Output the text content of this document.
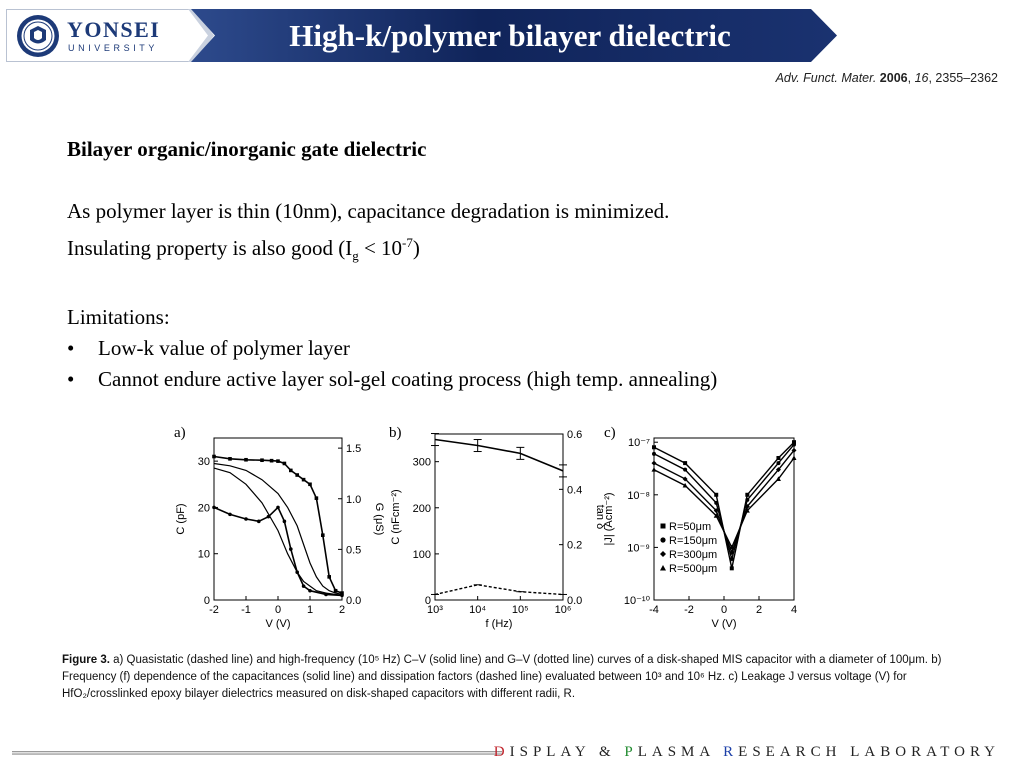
YONSEI
UNIVERSITY	High-k/polymer bilayer dielectric
Adv. Funct. Mater. 2006, 16, 2355–2362

Bilayer organic/inorganic gate dielectric

As polymer layer is thin (10nm), capacitance degradation is minimized.

Insulating property is also good $(I_g < 10^{-7})$

Limitations:

• Low-k value of polymer layer
• Cannot endure active layer sol-gel coating process (high temp. annealing)
a)
-2 -1 0 1 2
0
10
20
30
0.0
0.5
1.0
1.5
G (μS)
V (V)
C (pF)
b)
10³ 10⁴ 10⁵ 10⁶
0
100
200
300
0.0
0.2
0.4
0.6
tan δ
f (Hz)
C (nFcm⁻²)
c)
-4 -2 0	2	4
10⁻¹⁰
10⁻⁹
10⁻⁸
10⁻⁷
V (V)
|J| (Acm⁻²)	R=50μm
R=150μm
R=300μm
R=500μm
Figure 3. a) Quasistatic (dashed line) and high-frequency (10⁵ Hz) C–V (solid line) and G–V (dotted line) curves of a disk-shaped MIS capacitor with a diameter of 100μm. b) Frequency (f) dependence of the capacitances (solid line) and dissipation factors (dashed line) evaluated between 10³ and 10⁶ Hz. c) Leakage J versus voltage (V) for HfO₂/crosslinked epoxy bilayer dielectrics measured on disk-shaped capacitors with different radii, R.
DISPLAY & PLASMA RESEARCH LABORATORY
